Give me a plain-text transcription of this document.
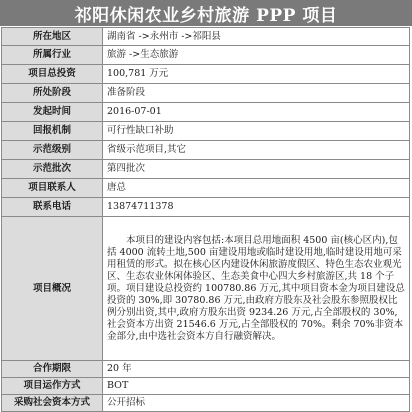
祁阳休闲农业乡村旅游 PPP 项目
所在地区	湖南省 ->永州市 ->祁阳县
所属行业	旅游 ->生态旅游
项目总投资	100,781 万元
所处阶段	准备阶段
发起时间	2016-07-01
回报机制	可行性缺口补助
示范级别	省级示范项目,其它
示范批次	第四批次
项目联系人	唐总
联系电话	13874711378
项目概况	本项目的建设内容包括:本项目总用地面积 4500 亩(核心区内),包括 4000 流转土地,500 亩建设用地或临时建设用地,临时建设用地可采用租赁的形式。拟在核心区内建设休闲旅游度假区、特色生态农业观光区、生态农业休闲体验区、生态美食中心四大乡村旅游区,共 18 个子项。项目建设总投资约 100780.86 万元,其中项目资本金为项目建设总投资的 30%,即 30780.86 万元,由政府方股东及社会股东参照股权比例分别出资,其中,政府方股东出资 9234.26 万元,占全部股权的 30%,社会资本方出资 21546.6 万元,占全部股权的 70%。剩余 70%非资本金部分,由中选社会资本方自行融资解决。
合作期限	20 年
项目运作方式	BOT
采购社会资本方式	公开招标
